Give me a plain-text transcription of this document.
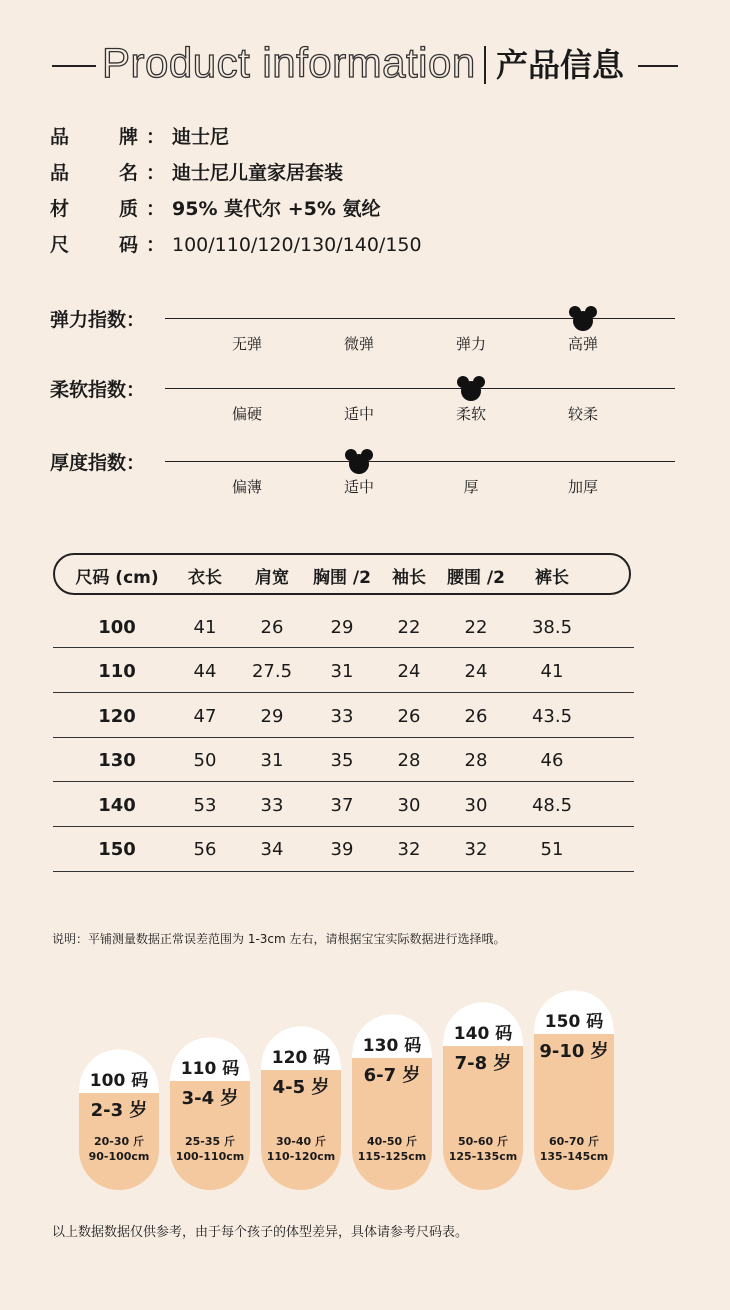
Product information 产品信息
品	牌 ： 迪士尼
品	名 ： 迪士尼儿童家居套装
材	质 ： 95% 莫代尔 +5% 氨纶
尺	码 ： 100/110/120/130/140/150
弹力指数：
无弹	微弹	弹力	高弹
柔软指数：
偏硬	适中	柔软	较柔
厚度指数：
偏薄	适中	厚	加厚
尺码 (cm) 衣长 肩宽 胸围 /2 袖长 腰围 /2 裤长
100	41 26	29 22 22 38.5
110	44 27.5 31 24 24	41
120	47 29	33 26 26 43.5
130	50 31	35 28 28	46
140	53 33	37 30 30 48.5
150	56 34	39 32 32	51
说明：平铺测量数据正常误差范围为 1-3cm 左右，请根据宝宝实际数据进行选择哦。
100 码
2-3 岁
20-30 斤
90-100cm
110 码
3-4 岁
25-35 斤
100-110cm
120 码
4-5 岁
30-40 斤
110-120cm
130 码
6-7 岁
40-50 斤
115-125cm
140 码
7-8 岁
50-60 斤
125-135cm
150 码
9-10 岁
60-70 斤
135-145cm
以上数据数据仅供参考，由于每个孩子的体型差异，具体请参考尺码表。
